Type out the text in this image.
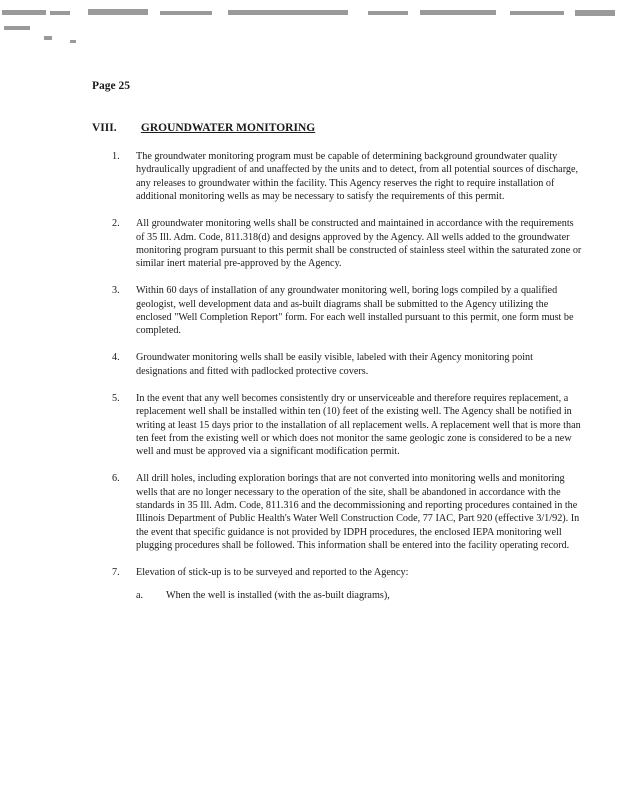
Page 25
VIII. GROUNDWATER MONITORING
1.	The groundwater monitoring program must be capable of determining background groundwater quality hydraulically upgradient of and unaffected by the units and to detect, from all potential sources of discharge, any releases to groundwater within the facility. This Agency reserves the right to require installation of additional monitoring wells as may be necessary to satisfy the requirements of this permit.
2.	All groundwater monitoring wells shall be constructed and maintained in accordance with the requirements of 35 Ill. Adm. Code, 811.318(d) and designs approved by the Agency. All wells added to the groundwater monitoring program pursuant to this permit shall be constructed of stainless steel within the saturated zone or similar inert material pre-approved by the Agency.
3.	Within 60 days of installation of any groundwater monitoring well, boring logs compiled by a qualified geologist, well development data and as-built diagrams shall be submitted to the Agency utilizing the enclosed "Well Completion Report" form. For each well installed pursuant to this permit, one form must be completed.
4.	Groundwater monitoring wells shall be easily visible, labeled with their Agency monitoring point designations and fitted with padlocked protective covers.
5.	In the event that any well becomes consistently dry or unserviceable and therefore requires replacement, a replacement well shall be installed within ten (10) feet of the existing well. The Agency shall be notified in writing at least 15 days prior to the installation of all replacement wells. A replacement well that is more than ten feet from the existing well or which does not monitor the same geologic zone is considered to be a new well and must be approved via a significant modification permit.
6.	All drill holes, including exploration borings that are not converted into monitoring wells and monitoring wells that are no longer necessary to the operation of the site, shall be abandoned in accordance with the standards in 35 Ill. Adm. Code, 811.316 and the decommissioning and reporting procedures contained in the Illinois Department of Public Health's Water Well Construction Code, 77 IAC, Part 920 (effective 3/1/92). In the event that specific guidance is not provided by IDPH procedures, the enclosed IEPA monitoring well plugging procedures shall be followed. This information shall be entered into the facility operating record.
7.	Elevation of stick-up is to be surveyed and reported to the Agency:
a.	When the well is installed (with the as-built diagrams),
